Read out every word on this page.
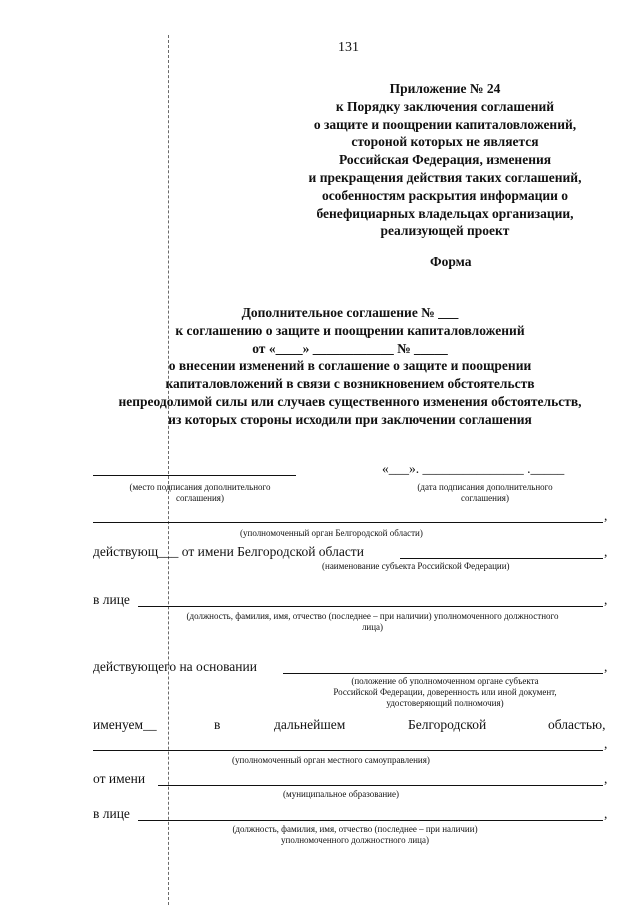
131
Приложение № 24
к Порядку заключения соглашений
о защите и поощрении капиталовложений,
стороной которых не является
Российская Федерация, изменения
и прекращения действия таких соглашений,
особенностям раскрытия информации о
бенефициарных владельцах организации,
реализующей проект
Форма
Дополнительное соглашение № ___
к соглашению о защите и поощрении капиталовложений
от «____» ____________ № _____
о внесении изменений в соглашение о защите и поощрении
капиталовложений в связи с возникновением обстоятельств
непреодолимой силы или случаев существенного изменения обстоятельств,
из которых стороны исходили при заключении соглашения
(место подписания дополнительного
соглашения)
«___». _______________ ._____
(дата подписания дополнительного
соглашения)
,
(уполномоченный орган Белгородской области)
действующ___ от имени Белгородской области	,
(наименование субъекта Российской Федерации)
в лице	,
(должность, фамилия, имя, отчество (последнее – при наличии) уполномоченного должностного
лица)
действующего на основании	,
(положение об уполномоченном органе субъекта
Российской Федерации, доверенность или иной документ,
удостоверяющий полномочия)
именуем__	в	дальнейшем	Белгородской	областью,
,
(уполномоченный орган местного самоуправления)
от имени	,
(муниципальное образование)
в лице	,
(должность, фамилия, имя, отчество (последнее – при наличии)
уполномоченного должностного лица)
